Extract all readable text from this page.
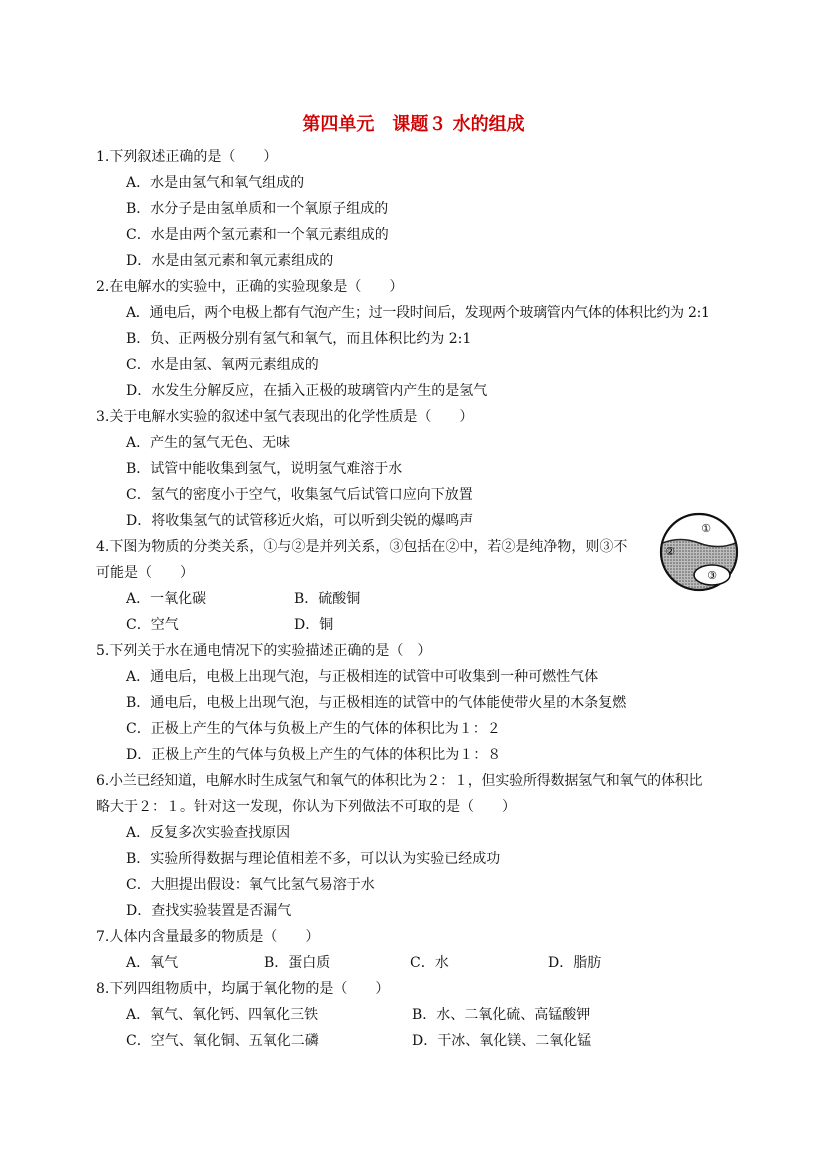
第四单元　课题３ 水的组成
1.下列叙述正确的是（　　）
A．水是由氢气和氧气组成的
B．水分子是由氢单质和一个氧原子组成的
C．水是由两个氢元素和一个氧元素组成的
D．水是由氢元素和氧元素组成的
2.在电解水的实验中，正确的实验现象是（　　）
A．通电后，两个电极上都有气泡产生；过一段时间后，发现两个玻璃管内气体的体积比约为 2:1
B．负、正两极分别有氢气和氧气，而且体积比约为 2:1
C．水是由氢、氧两元素组成的
D．水发生分解反应，在插入正极的玻璃管内产生的是氢气
3.关于电解水实验的叙述中氢气表现出的化学性质是（　　）
A．产生的氢气无色、无味
B．试管中能收集到氢气，说明氢气难溶于水
C．氢气的密度小于空气，收集氢气后试管口应向下放置
D．将收集氢气的试管移近火焰，可以听到尖锐的爆鸣声
4.下图为物质的分类关系，①与②是并列关系，③包括在②中，若②是纯净物，则③不
可能是（　　）
A．一氧化碳	B．硫酸铜
C．空气	D．铜
5.下列关于水在通电情况下的实验描述正确的是（　）
A．通电后，电极上出现气泡，与正极相连的试管中可收集到一种可燃性气体
B．通电后，电极上出现气泡，与正极相连的试管中的气体能使带火星的木条复燃
C．正极上产生的气体与负极上产生的气体的体积比为１：２
D．正极上产生的气体与负极上产生的气体的体积比为１：８
6.小兰已经知道，电解水时生成氢气和氧气的体积比为２：１，但实验所得数据氢气和氧气的体积比
略大于２：１。针对这一发现，你认为下列做法不可取的是（　　）
A．反复多次实验查找原因
B．实验所得数据与理论值相差不多，可以认为实验已经成功
C．大胆提出假设：氧气比氢气易溶于水
D．查找实验装置是否漏气
7.人体内含量最多的物质是（　　）
A．氧气	B．蛋白质	C．水	D．脂肪
8.下列四组物质中，均属于氧化物的是（　　）
A．氧气、氧化钙、四氧化三铁	B．水、二氧化硫、高锰酸钾
C．空气、氧化铜、五氧化二磷	D．干冰、氧化镁、二氧化锰
①
②
③
